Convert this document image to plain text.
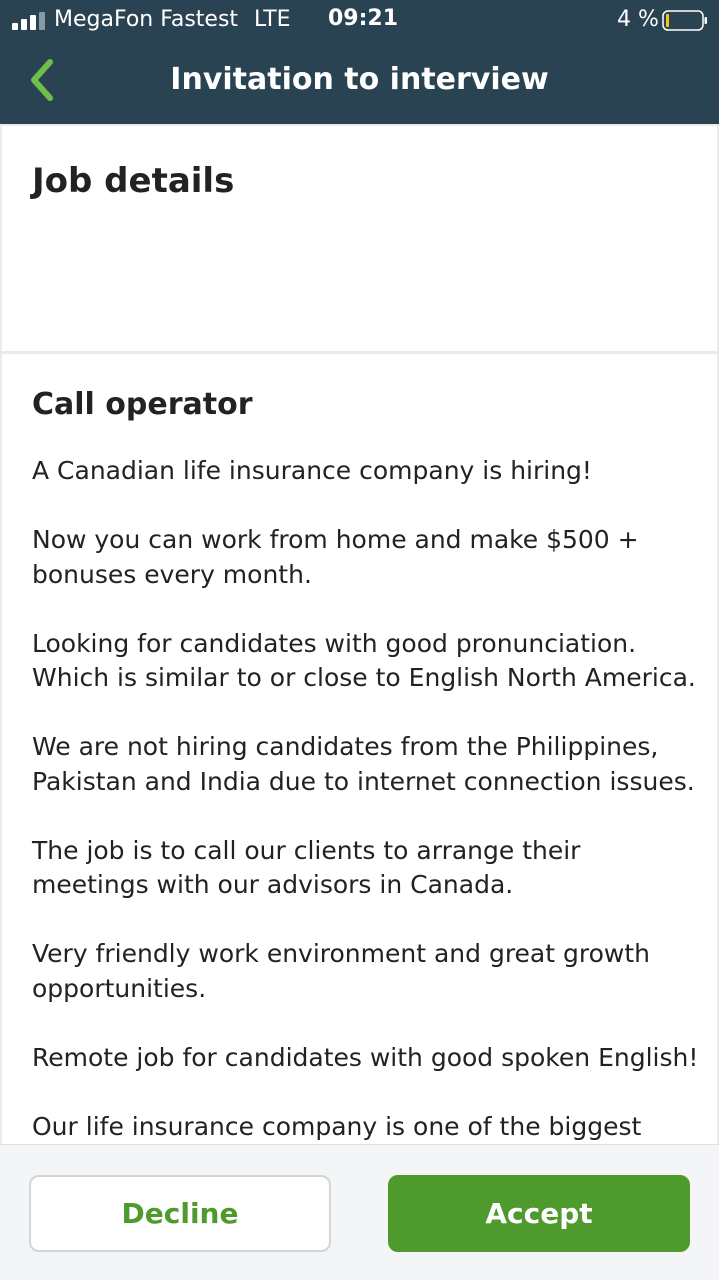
MegaFon Fastest LTE 09:21	4 %
Invitation to interview
Job details
Call operator

A Canadian life insurance company is hiring!

Now you can work from home and make $500 + bonuses every month.

Looking for candidates with good pronunciation. Which is similar to or close to English North America.

We are not hiring candidates from the Philippines, Pakistan and India due to internet connection issues.

The job is to call our clients to arrange their meetings with our advisors in Canada.

Very friendly work environment and great growth opportunities.

Remote job for candidates with good spoken English!

Our life insurance company is one of the biggest

Decline	Accept
